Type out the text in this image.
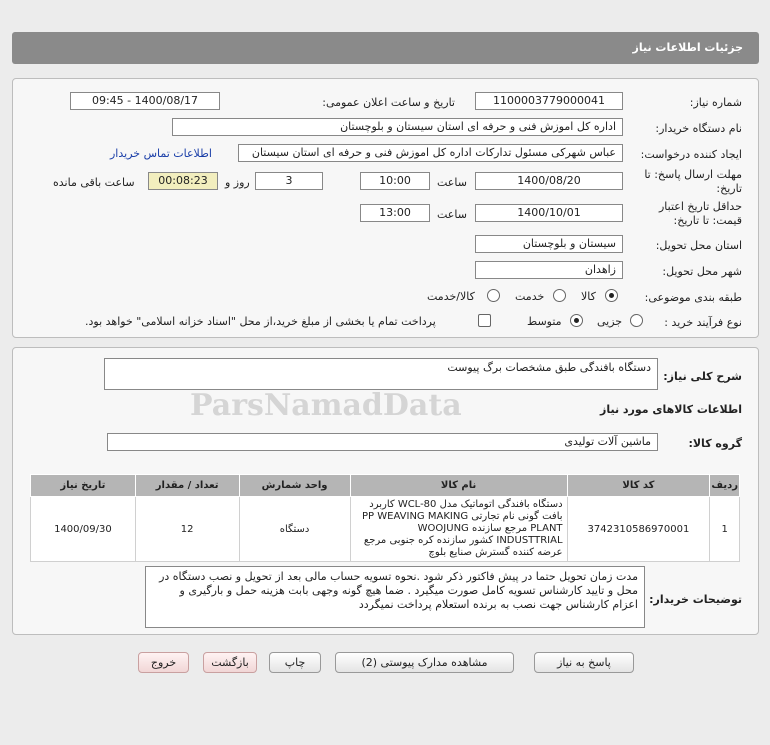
جزئیات اطلاعات نیاز
شماره نیاز:
1100003779000041
تاریخ و ساعت اعلان عمومی:
1400/08/17 - 09:45
نام دستگاه خریدار:
اداره کل اموزش فنی و حرفه ای استان سیستان و بلوچستان
ایجاد کننده درخواست:
عباس شهرکی مسئول تدارکات اداره کل اموزش فنی و حرفه ای استان سیستان
اطلاعات تماس خریدار
مهلت ارسال پاسخ: تا تاریخ:
1400/08/20
ساعت
10:00
3
روز و
00:08:23
ساعت باقی مانده
حداقل تاریخ اعتبار قیمت: تا تاریخ:
1400/10/01
ساعت
13:00
استان محل تحویل:
سیستان و بلوچستان
شهر محل تحویل:
زاهدان
طبقه بندی موضوعی:
کالا
خدمت
کالا/خدمت
نوع فرآیند خرید :
جزیی
متوسط
پرداخت تمام یا بخشی از مبلغ خرید،از محل "اسناد خزانه اسلامی" خواهد بود.
شرح کلی نیاز:
دستگاه بافندگی طبق مشخصات برگ پیوست
اطلاعات کالاهای مورد نیاز
گروه کالا:
ماشین آلات تولیدی
ردیف	کد کالا	نام کالا	واحد شمارش	تعداد / مقدار	تاریخ نیاز
1	3742310586970001	دستگاه بافندگی اتوماتیک مدل WCL-80 کاربرد بافت گونی نام تجارتی PP WEAVING MAKING PLANT مرجع سازنده WOOJUNG INDUSTTRIAL کشور سازنده کره جنوبی مرجع عرضه کننده گسترش صنایع بلوچ	دستگاه	12	1400/09/30
توضیحات خریدار:
مدت زمان تحویل حتما در پیش فاکتور ذکر شود .نحوه تسویه حساب مالی بعد از تحویل و نصب دستگاه در محل و تایید کارشناس تسویه کامل صورت میگیرد . ضما هیچ گونه وجهی بابت هزینه حمل و بارگیری و اعزام کارشناس جهت نصب به برنده استعلام پرداخت نمیگردد
ParsNamadData
پاسخ به نیاز
مشاهده مدارک پیوستی (2)
چاپ
بازگشت
خروج
